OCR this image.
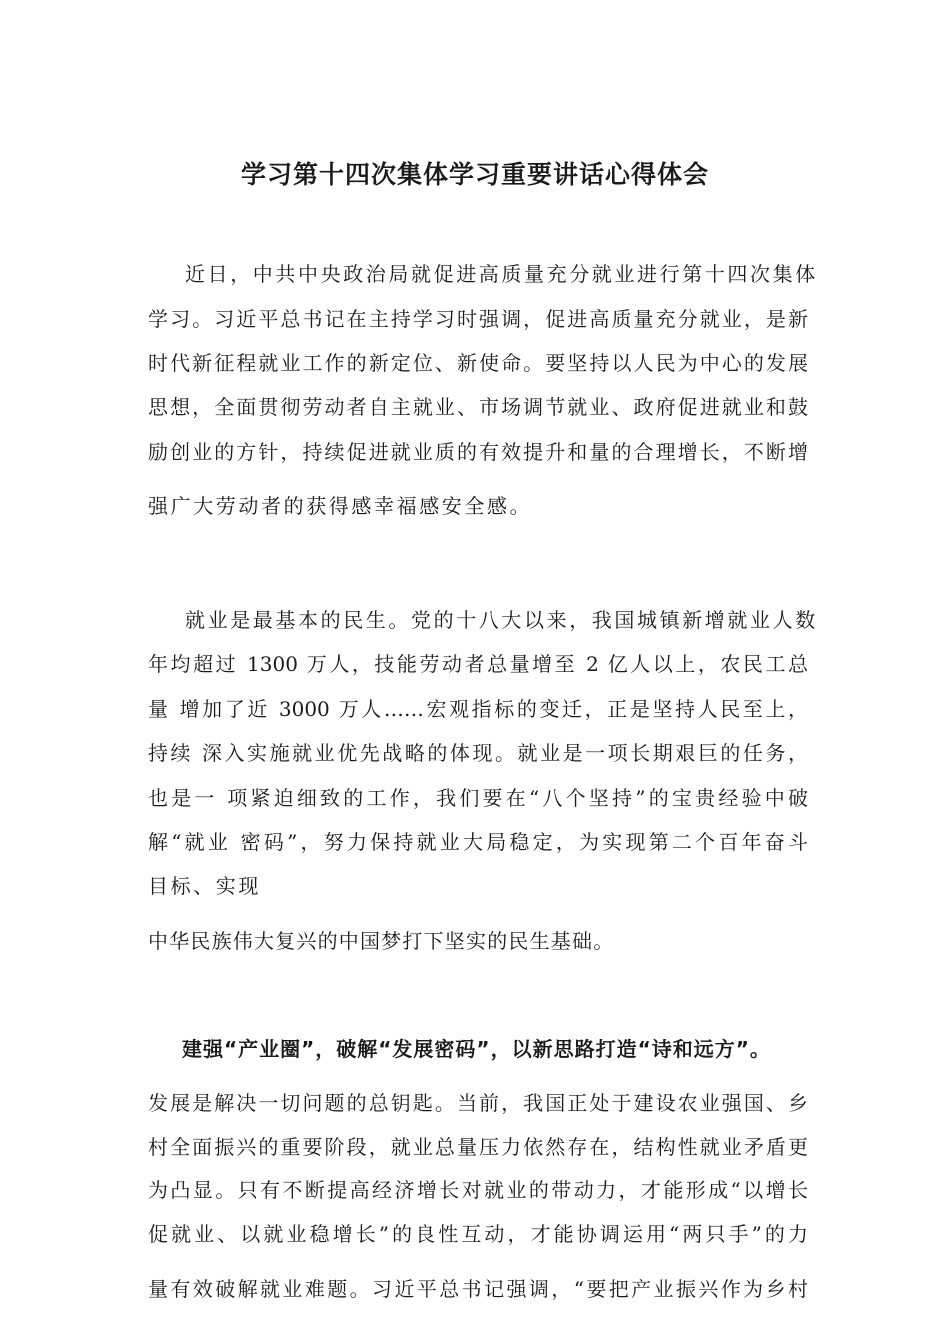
学习第十四次集体学习重要讲话心得体会
近日，中共中央政治局就促进高质量充分就业进行第十四次集体
学习。习近平总书记在主持学习时强调，促进高质量充分就业，是新
时代新征程就业工作的新定位、新使命。要坚持以人民为中心的发展
思想，全面贯彻劳动者自主就业、市场调节就业、政府促进就业和鼓
励创业的方针，持续促进就业质的有效提升和量的合理增长，不断增
强广大劳动者的获得感幸福感安全感。
就业是最基本的民生。党的十八大以来，我国城镇新增就业人数
年均超过 1300 万人，技能劳动者总量增至 2 亿人以上，农民工总
量 增加了近 3000 万人……宏观指标的变迁，正是坚持人民至上，
持续 深入实施就业优先战略的体现。就业是一项长期艰巨的任务，
也是一 项紧迫细致的工作，我们要在“八个坚持”的宝贵经验中破
解“就业 密码”，努力保持就业大局稳定，为实现第二个百年奋斗
目标、实现
中华民族伟大复兴的中国梦打下坚实的民生基础。
建强“产业圈”，破解“发展密码”，以新思路打造“诗和远方”。
发展是解决一切问题的总钥匙。当前，我国正处于建设农业强国、乡
村全面振兴的重要阶段，就业总量压力依然存在，结构性就业矛盾更
为凸显。只有不断提高经济增长对就业的带动力，才能形成“以增长
促就业、以就业稳增长”的良性互动，才能协调运用“两只手”的力
量有效破解就业难题。习近平总书记强调，“要把产业振兴作为乡村
